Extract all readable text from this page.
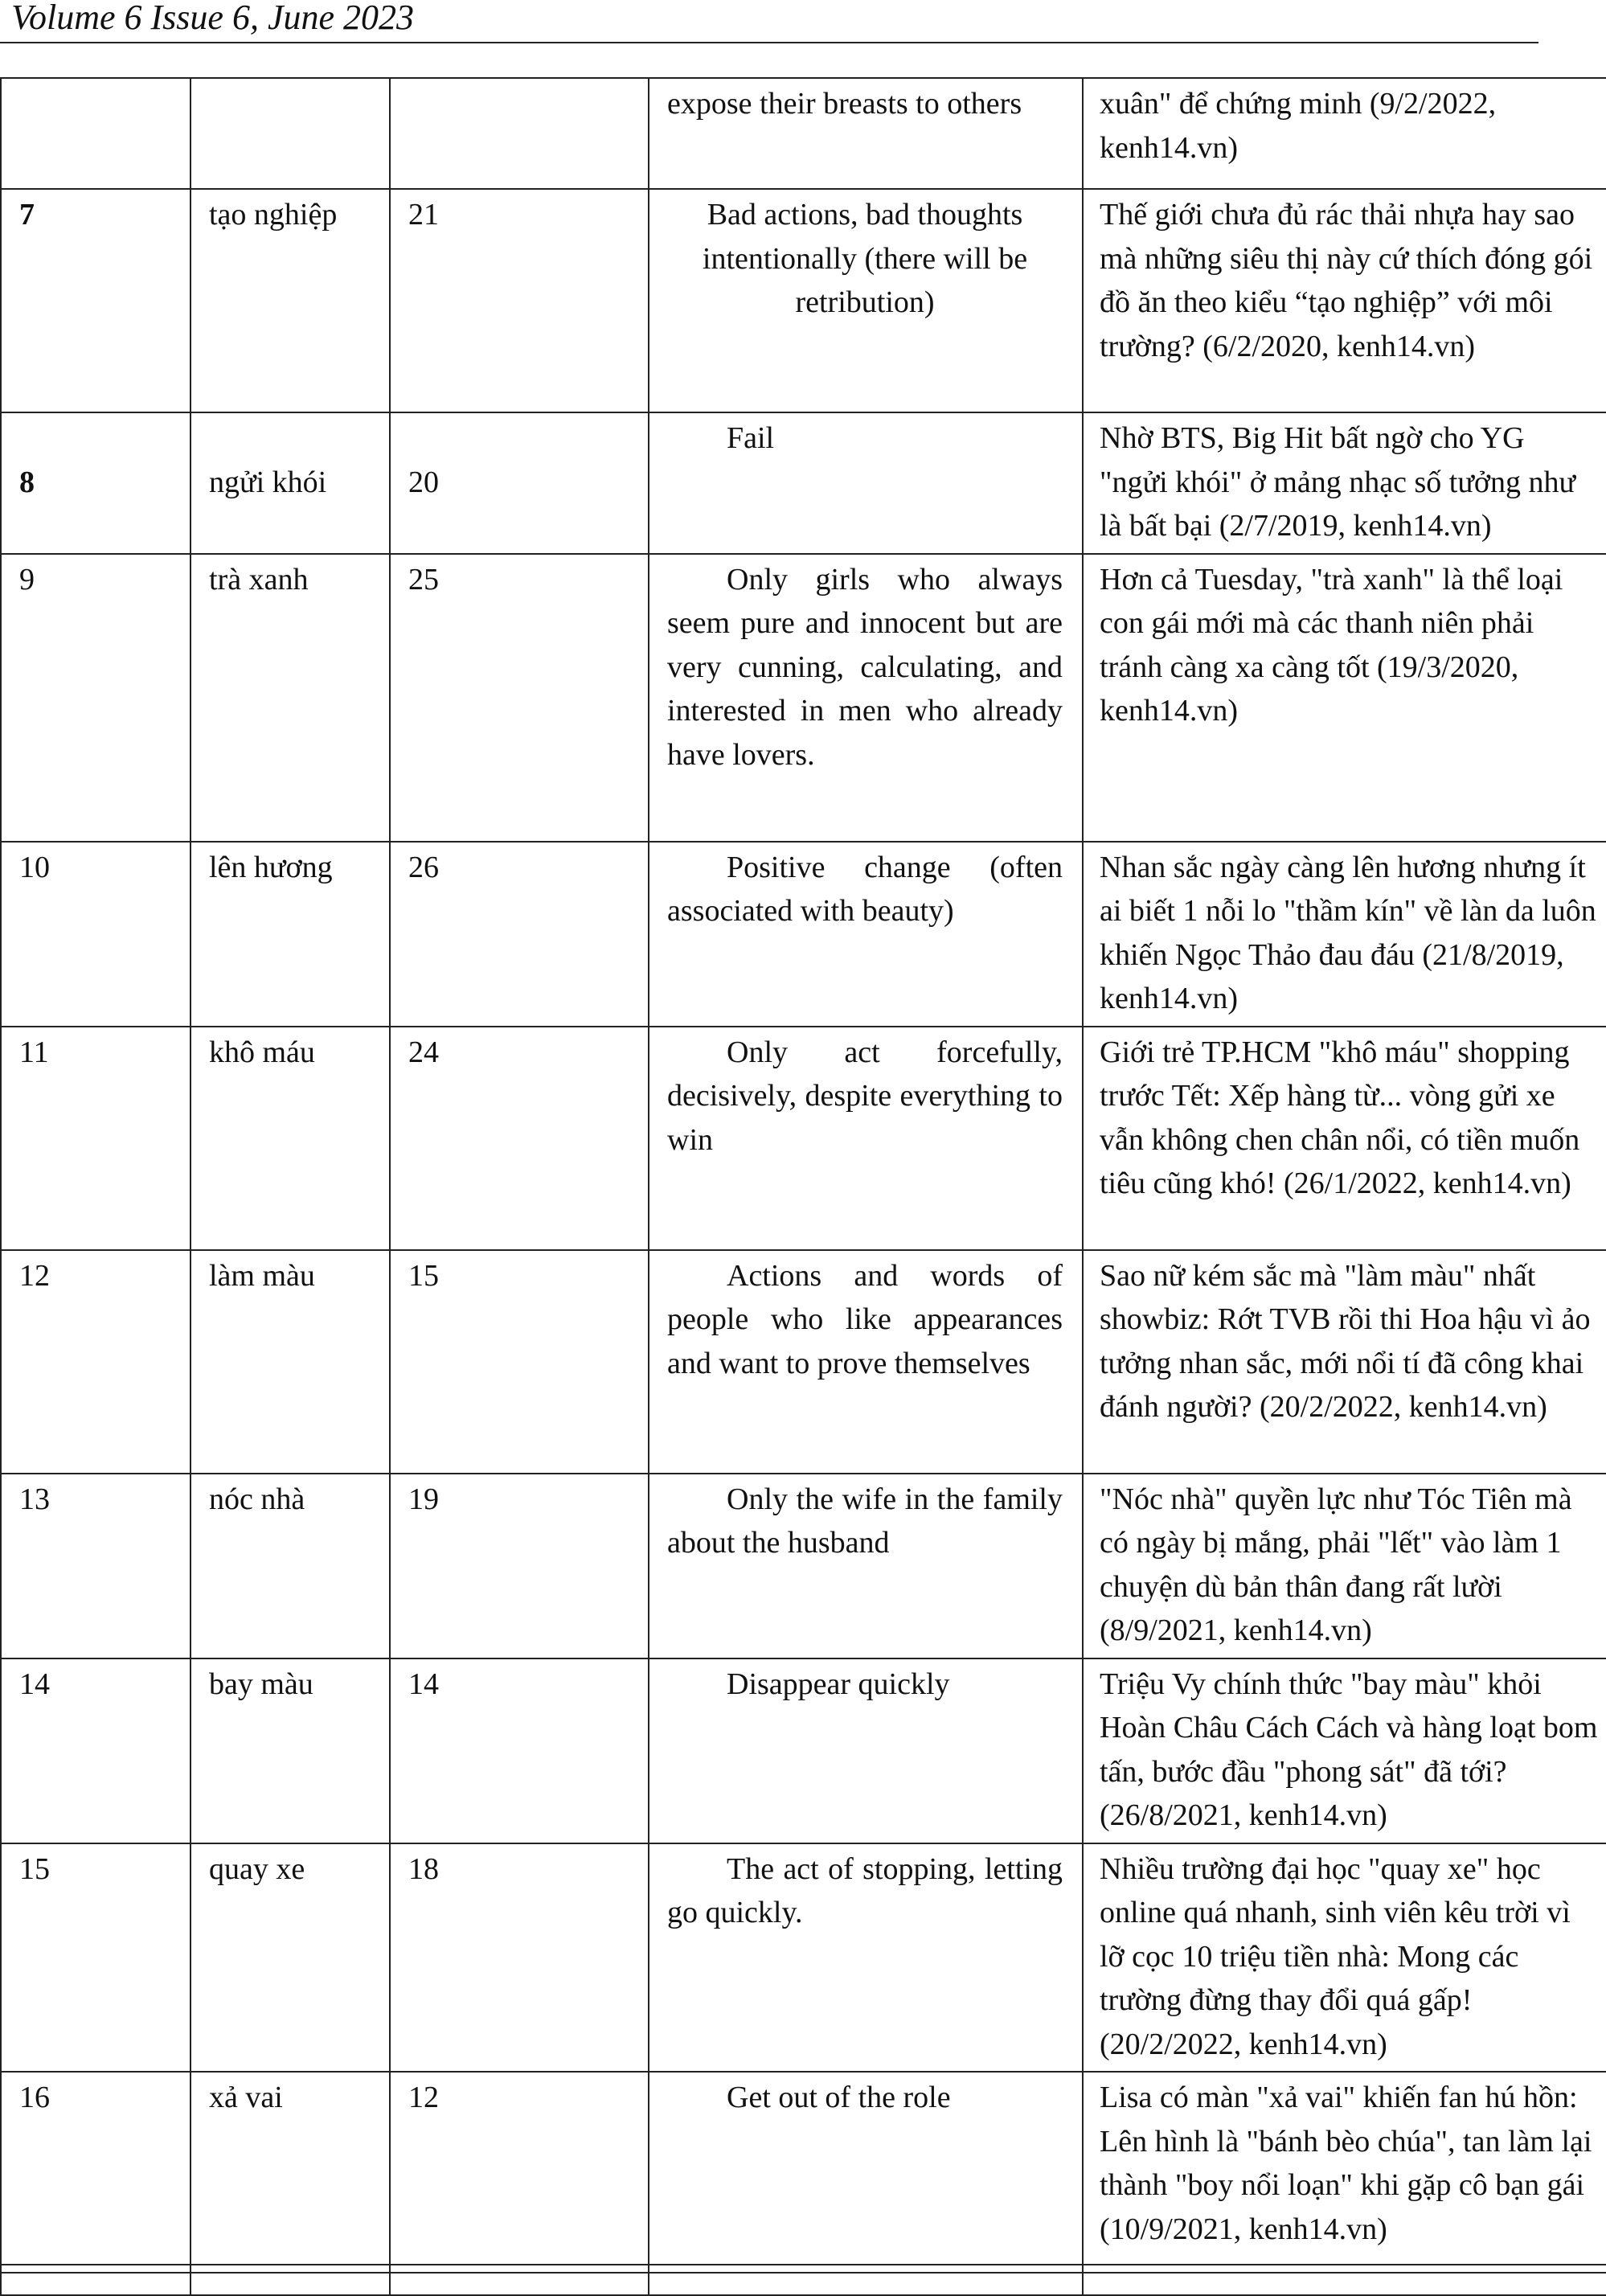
Volume 6 Issue 6, June 2023
			expose their breasts to others	xuân" để chứng minh (9/2/2022, kenh14.vn)
7	tạo nghiệp	21	Bad actions, bad thoughts intentionally (there will be retribution)	Thế giới chưa đủ rác thải nhựa hay sao mà những siêu thị này cứ thích đóng gói đồ ăn theo kiểu “tạo nghiệp” với môi trường? (6/2/2020, kenh14.vn)
8	ngửi khói	20	Fail	Nhờ BTS, Big Hit bất ngờ cho YG "ngửi khói" ở mảng nhạc số tưởng như là bất bại (2/7/2019, kenh14.vn)
9	trà xanh	25	Only girls who always seem pure and innocent but are very cunning, calculating, and interested in men who already have lovers.	Hơn cả Tuesday, "trà xanh" là thể loại con gái mới mà các thanh niên phải tránh càng xa càng tốt (19/3/2020, kenh14.vn)
10	lên hương	26	Positive change (often associated with beauty)	Nhan sắc ngày càng lên hương nhưng ít ai biết 1 nỗi lo "thầm kín" về làn da luôn khiến Ngọc Thảo đau đáu (21/8/2019, kenh14.vn)
11	khô máu	24	Only act forcefully, decisively, despite everything to win	Giới trẻ TP.HCM "khô máu" shopping trước Tết: Xếp hàng từ... vòng gửi xe vẫn không chen chân nổi, có tiền muốn tiêu cũng khó! (26/1/2022, kenh14.vn)
12	làm màu	15	Actions and words of people who like appearances and want to prove themselves	Sao nữ kém sắc mà "làm màu" nhất showbiz: Rớt TVB rồi thi Hoa hậu vì ảo tưởng nhan sắc, mới nổi tí đã công khai đánh người? (20/2/2022, kenh14.vn)
13	nóc nhà	19	Only the wife in the family about the husband	"Nóc nhà" quyền lực như Tóc Tiên mà có ngày bị mắng, phải "lết" vào làm 1 chuyện dù bản thân đang rất lười (8/9/2021, kenh14.vn)
14	bay màu	14	Disappear quickly	Triệu Vy chính thức "bay màu" khỏi Hoàn Châu Cách Cách và hàng loạt bom tấn, bước đầu "phong sát" đã tới? (26/8/2021, kenh14.vn)
15	quay xe	18	The act of stopping, letting go quickly.	Nhiều trường đại học "quay xe" học online quá nhanh, sinh viên kêu trời vì lỡ cọc 10 triệu tiền nhà: Mong các trường đừng thay đổi quá gấp! (20/2/2022, kenh14.vn)
16	xả vai	12	Get out of the role	Lisa có màn "xả vai" khiến fan hú hồn: Lên hình là "bánh bèo chúa", tan làm lại thành "boy nổi loạn" khi gặp cô bạn gái (10/9/2021, kenh14.vn)
